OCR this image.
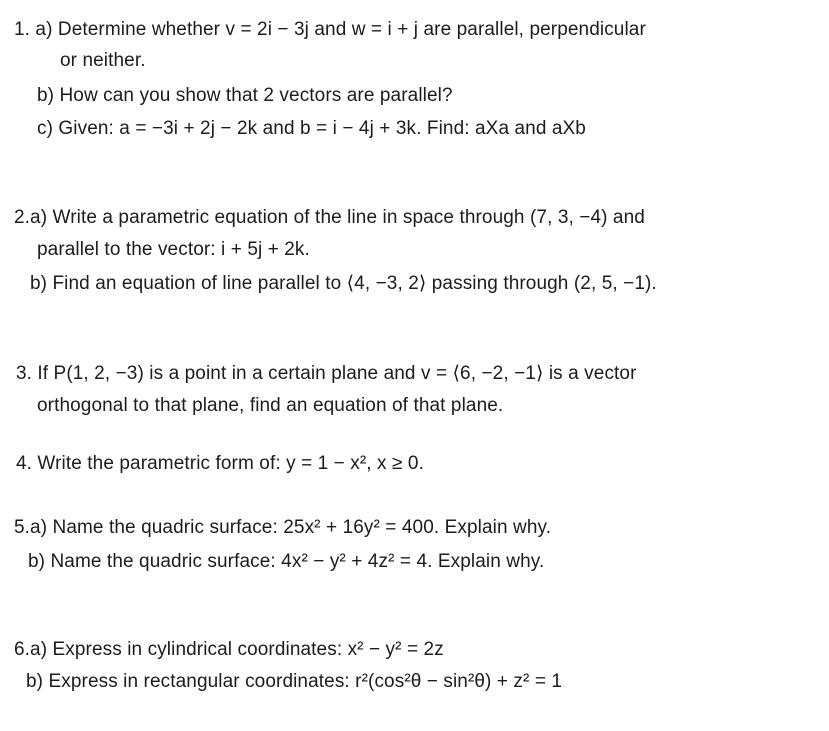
1. a) Determine whether v = 2i − 3j and w = i + j are parallel, perpendicular
or neither.
b) How can you show that 2 vectors are parallel?
c) Given: a = −3i + 2j − 2k and b = i − 4j + 3k. Find: aXa and aXb
2.a) Write a parametric equation of the line in space through (7, 3, −4) and
parallel to the vector: i + 5j + 2k.
b) Find an equation of line parallel to ⟨4, −3, 2⟩ passing through (2, 5, −1).
3. If P(1, 2, −3) is a point in a certain plane and v = ⟨6, −2, −1⟩ is a vector
orthogonal to that plane, find an equation of that plane.
4. Write the parametric form of: y = 1 − x², x ≥ 0.
5.a) Name the quadric surface: 25x² + 16y² = 400. Explain why.
b) Name the quadric surface: 4x² − y² + 4z² = 4. Explain why.
6.a) Express in cylindrical coordinates: x² − y² = 2z
b) Express in rectangular coordinates: r²(cos²θ − sin²θ) + z² = 1
